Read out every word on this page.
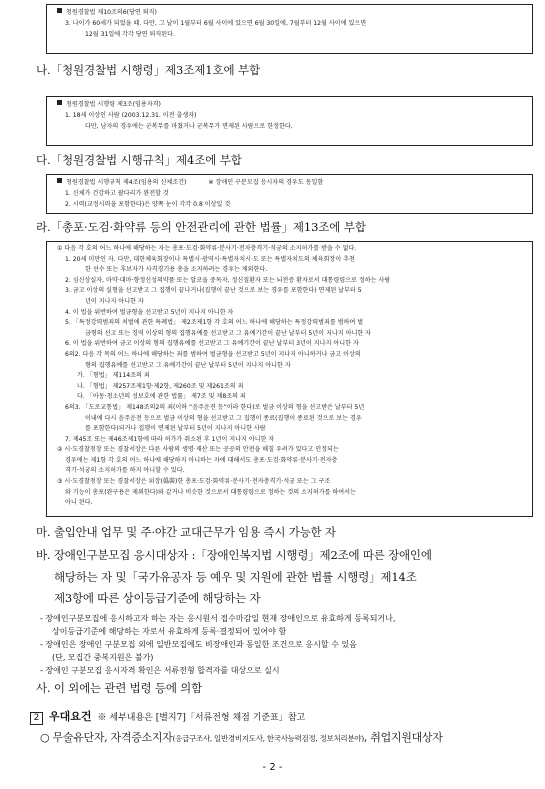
청원경찰법 제10조의6(당연 퇴직)
3. 나이가 60세가 되었을 때. 다만, 그 날이 1월부터 6월 사이에 있으면 6월 30일에, 7월부터 12월 사이에 있으면
12월 31일에 각각 당연 퇴직된다.
나.「청원경찰법 시행령」제3조제1호에 부합
청원경찰법 시행령 제3조(임용자격)
1. 18세 이상인 사람 (2003.12.31. 이전 출생자)
다만, 남자의 경우에는 군복무를 마쳤거나 군복무가 면제된 사람으로 한정한다.
다.「청원경찰법 시행규칙」제4조에 부합
청원경찰법 시행규칙 제4조(임용의 신체조건)	※ 장애인 구분모집 응시자의 경우도 동일함
1. 신체가 건강하고 팔다리가 완전할 것
2. 시력(교정시력을 포함한다)은 양쪽 눈이 각각 0.8 이상일 것
라.「총포·도검·화약류 등의 안전관리에 관한 법률」제13조에 부합
① 다음 각 호의 어느 하나에 해당하는 자는 총포·도검·화약류·분사기·전자충격기·석궁의 소지허가를 받을 수 없다.
1. 20세 미만인 자. 다만, 대한체육회장이나 특별시·광역시·특별자치시·도 또는 특별자치도의 체육회장이 추천
한 선수 또는 후보자가 사격경기용 총을 소지하려는 경우는 제외한다.
2. 심신상실자, 마약·대마·향정신성의약품 또는 알코올 중독자, 정신질환자 또는 뇌전증 환자로서 대통령령으로 정하는 사람
3. 금고 이상의 실형을 선고받고 그 집행이 끝나거나(집행이 끝난 것으로 보는 경우를 포함한다) 면제된 날부터 5
년이 지나지 아니한 자
4. 이 법을 위반하여 벌금형을 선고받고 5년이 지나지 아니한 자
5. 「특정강력범죄의 처벌에 관한 특례법」 제2조제1항 각 호의 어느 하나에 해당하는 특정강력범죄를 범하여 벌
금형의 선고 또는 징역 이상의 형의 집행유예를 선고받고 그 유예기간이 끝난 날부터 5년이 지나지 아니한 자
6. 이 법을 위반하여 금고 이상의 형의 집행유예를 선고받고 그 유예기간이 끝난 날부터 3년이 지나지 아니한 자
6의2. 다음 각 목의 어느 하나에 해당하는 죄를 범하여 벌금형을 선고받고 5년이 지나지 아니하거나 금고 이상의
형의 집행유예를 선고받고 그 유예기간이 끝난 날부터 5년이 지나지 아니한 자
가. 「형법」 제114조의 죄
나. 「형법」 제257조제1항·제2항, 제260조 및 제261조의 죄
다. 「아동·청소년의 성보호에 관한 법률」 제7조 및 제8조의 죄
6의3. 「도로교통법」 제148조의2의 죄(이하 “음주운전 등”이라 한다)로 벌금 이상의 형을 선고받은 날부터 5년
이내에 다시 음주운전 등으로 벌금 이상의 형을 선고받고 그 집행이 종료(집행이 종료된 것으로 보는 경우
를 포함한다)되거나 집행이 면제된 날부터 5년이 지나지 아니한 사람
7. 제45조 또는 제46조제1항에 따라 허가가 취소된 후 1년이 지나지 아니한 자
② 시·도경찰청장 또는 경찰서장은 다른 사람의 생명·재산 또는 공공의 안전을 해칠 우려가 있다고 인정되는
경우에는 제1항 각 호의 어느 하나에 해당하지 아니하는 자에 대해서도 총포·도검·화약류·분사기·전자충
격기·석궁의 소지허가를 하지 아니할 수 있다.
③ 시·도경찰청장 또는 경찰서장은 위장(僞裝)한 총포·도검·화약류·분사기·전자충격기·석궁 또는 그 구조
와 기능이 총포(완구용은 제외한다)와 같거나 비슷한 것으로서 대통령령으로 정하는 것의 소지허가를 하여서는
아니 된다.
마. 출입안내 업무 및 주·야간 교대근무가 임용 즉시 가능한 자
바. 장애인구분모집 응시대상자 :「장애인복지법 시행령」제2조에 따른 장애인에
해당하는 자 및「국가유공자 등 예우 및 지원에 관한 법률 시행령」제14조
제3항에 따른 상이등급기준에 해당하는 자
- 장애인구분모집에 응시하고자 하는 자는 응시원서 접수마감일 현재 장애인으로 유효하게 등록되거나,
상이등급기준에 해당하는 자로서 유효하게 등록·결정되어 있어야 함
- 장애인은 장애인 구분모집 외에 일반모집에도 비장애인과 동일한 조건으로 응시할 수 있음
(단, 모집간 중복지원은 불가)
- 장애인 구분모집 응시자격 확인은 서류전형 합격자를 대상으로 실시
사. 이 외에는 관련 법령 등에 의함
2 우대요건 ※ 세부내용은 [별지7]「서류전형 채점 기준표」참고
○ 무술유단자, 자격증소지자(응급구조사, 일반경비지도사, 한국사능력검정, 정보처리분야), 취업지원대상자
- 2 -
